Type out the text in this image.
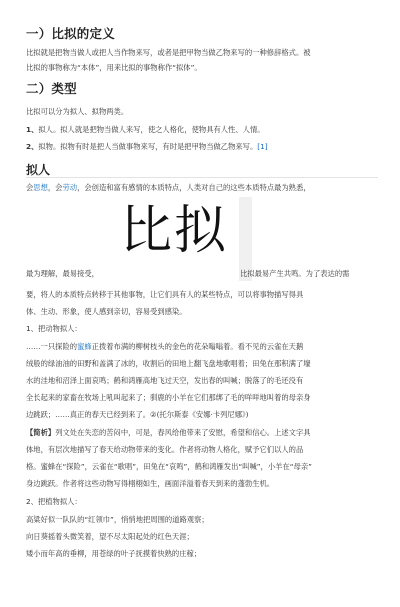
一）比拟的定义
比拟就是把物当做人或把人当作物来写，或者是把甲物当做乙物来写的一种修辞格式。被
比拟的事物称为“本体”，用来比拟的事物称作“拟体”。
二）类型
比拟可以分为拟人、拟物两类。
1、拟人。拟人就是把物当做人来写，使之人格化，使物具有人性、人情。
2、拟物。拟物有时是把人当做事物来写，有时是把甲物当做乙物来写。[1]
拟人
会思想，会劳动，会创造和富有感情的本质特点，人类对自己的这些本质特点最为熟悉，
比拟
最为理解，最易接受，	比拟最易产生共鸣。为了表达的需
要，将人的本质特点转移于其他事物，让它们具有人的某些特点，可以将事物描写得具
体、生动、形象，使人感到亲切，容易受到感染。
1、把动物拟人：
……一只探险的蜜蜂正拨着布满的柳树枝头的金色的花朵嗡嗡着。看不见的云雀在天鹅
绒般的绿油油的田野和盖满了冰的，收割后的田地上翻飞盘地歌唱着；田兔在那积满了壕
水的洼地和沼泽上面哀鸣；鹤和鸿雁高地飞过天空，发出春的叫喊；脱落了的毛还没有
全长起来的家畜在牧场上吼叫起来了；驯鹿的小羊在它们那绑了毛的咩咩地叫着的母亲身
边跳跃；……真正的春天已经到来了。②(托尔斯泰《安娜·卡列尼娜》)
【简析】列文处在失恋的苦闷中，可是，春风给他带来了安慰，希望和信心。上述文字具
体地，有层次地描写了春天给动物带来的变化。作者将动物人格化，赋予它们以人的品
格。蜜蜂在“探险”，云雀在“歌唱”，田兔在“哀鸣”，鹤和鸿雁发出“叫喊”，小羊在“母亲”
身边跳跃。作者将这些动物写得栩栩如生，画面洋溢着春天到来的蓬勃生机。
2、把植物拟人：
高粱好似一队队的“红领巾”，悄悄地把周围的道路观察；
向日葵摇着头微笑着，望不尽太阳起处的红色天涯；
矮小而年高的垂柳，用苍绿的叶子抚摸着快熟的庄稼；
